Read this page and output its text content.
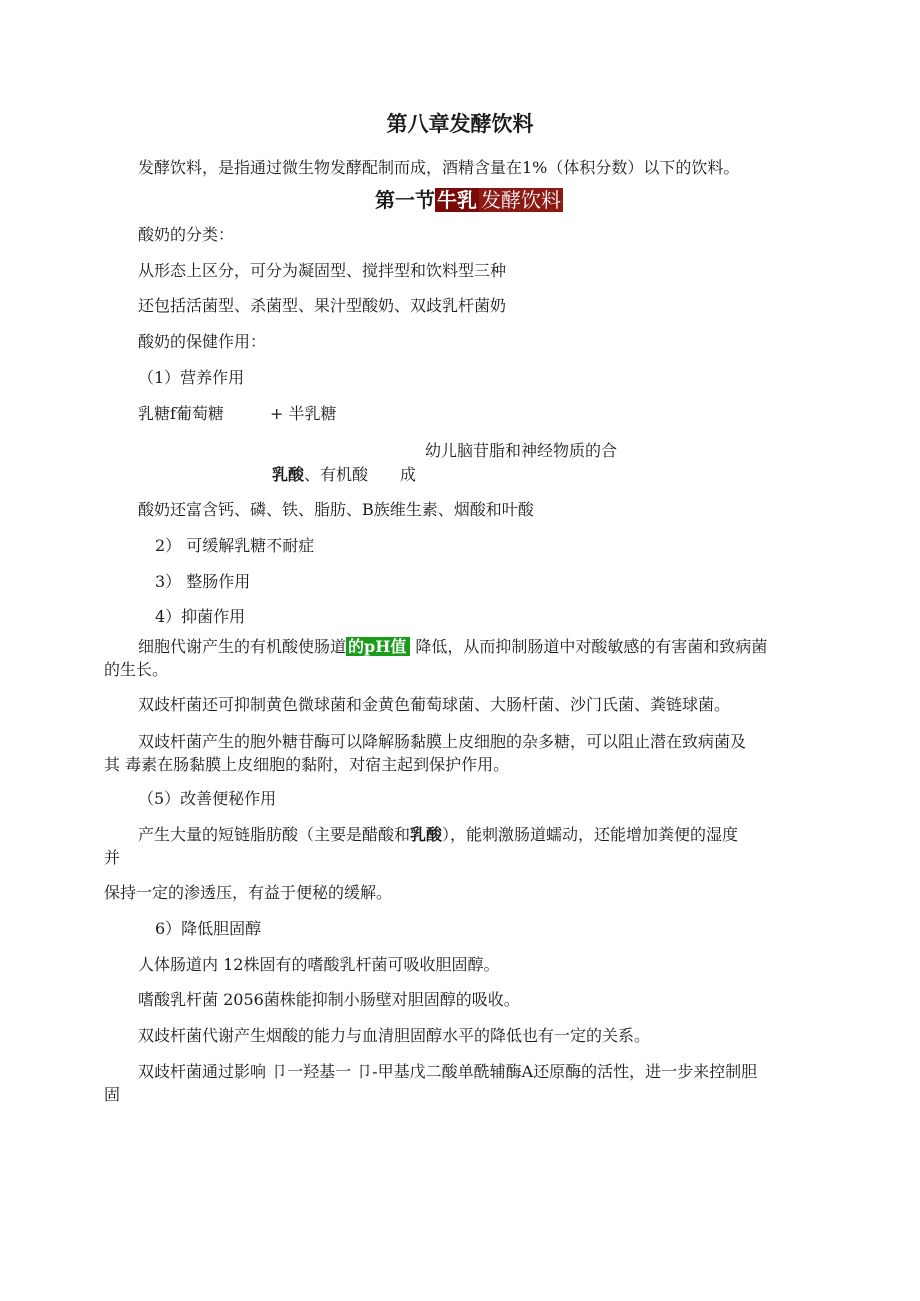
第八章发酵饮料
发酵饮料，是指通过微生物发酵配制而成，酒精含量在1%（体积分数）以下的饮料。
第一节 牛乳 发酵饮料
酸奶的分类：
从形态上区分，可分为凝固型、搅拌型和饮料型三种
还包括活菌型、杀菌型、果汁型酸奶、双歧乳杆菌奶
酸奶的保健作用：
（1）营养作用
乳糖f葡萄糖	+ 半乳糖
幼儿脑苷脂和神经物质的合
乳酸、有机酸 成
酸奶还富含钙、磷、铁、脂肪、B族维生素、烟酸和叶酸
2） 可缓解乳糖不耐症
3） 整肠作用
4）抑菌作用
细胞代谢产生的有机酸使肠道 的pH值 降低，从而抑制肠道中对酸敏感的有害菌和致病菌
的生长。
双歧杆菌还可抑制黄色微球菌和金黄色葡萄球菌、大肠杆菌、沙门氏菌、粪链球菌。
双歧杆菌产生的胞外糖苷酶可以降解肠黏膜上皮细胞的杂多糖，可以阻止潜在致病菌及
其 毒素在肠黏膜上皮细胞的黏附，对宿主起到保护作用。
（5）改善便秘作用
产生大量的短链脂肪酸（主要是醋酸和乳酸），能刺激肠道蠕动，还能增加粪便的湿度
并
保持一定的渗透压，有益于便秘的缓解。
6）降低胆固醇
人体肠道内 12株固有的嗜酸乳杆菌可吸收胆固醇。
嗜酸乳杆菌 2056菌株能抑制小肠壁对胆固醇的吸收。
双歧杆菌代谢产生烟酸的能力与血清胆固醇水平的降低也有一定的关系。
双歧杆菌通过影响 卩一羟基一 卩-甲基戊二酸单酰辅酶A还原酶的活性，进一步来控制胆
固
